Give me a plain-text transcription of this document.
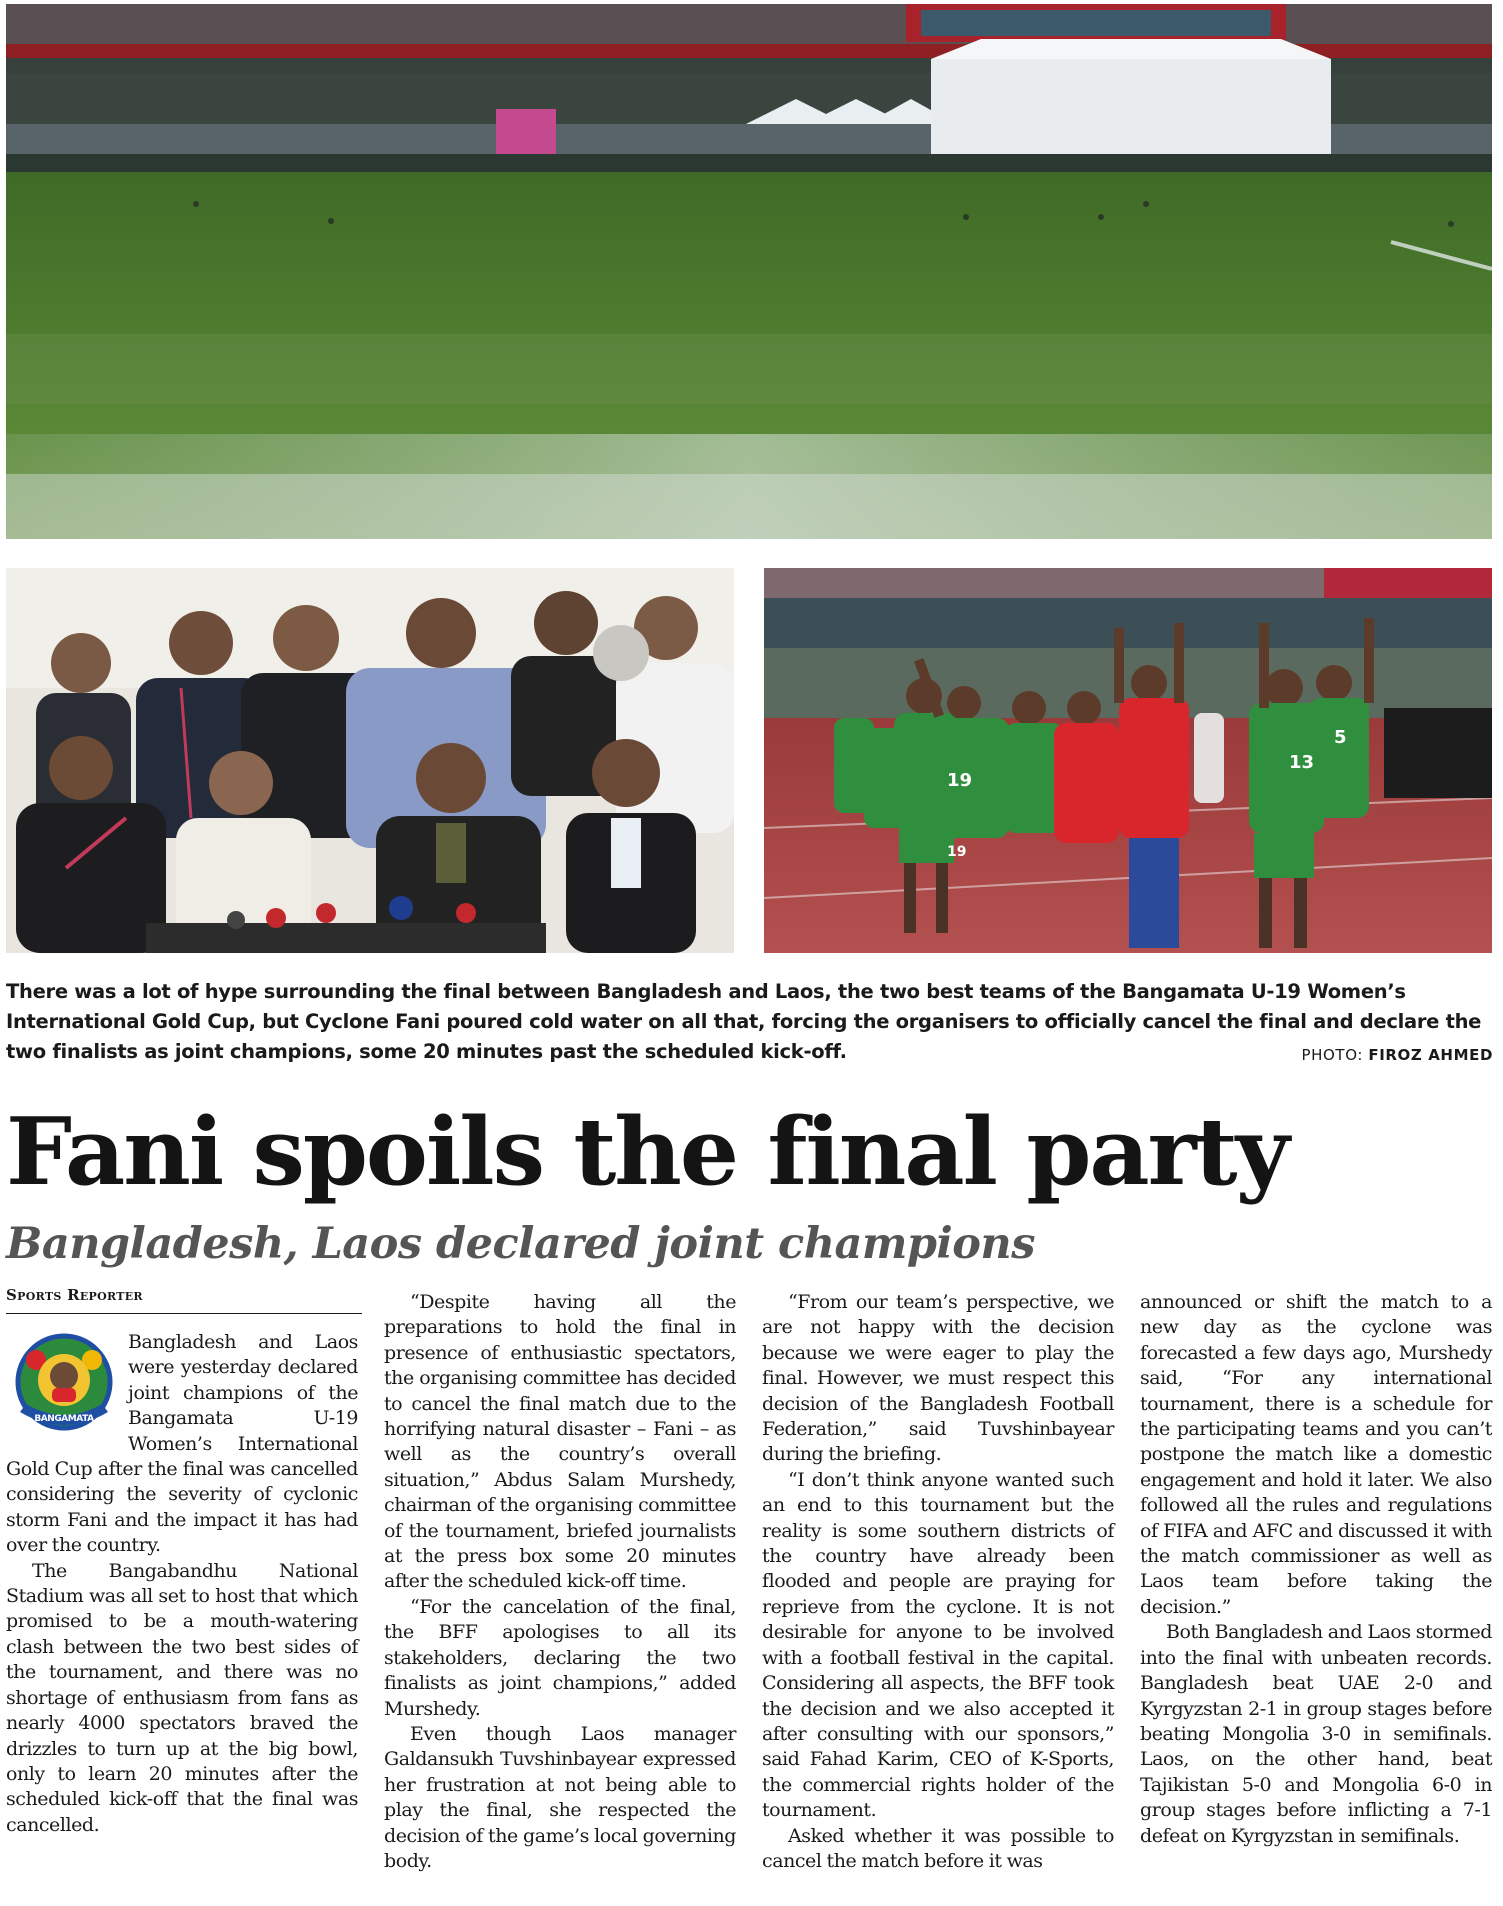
19
19
13
5
There was a lot of hype surrounding the final between Bangladesh and Laos, the two best teams of the Bangamata U-19 Women’s International Gold Cup, but Cyclone Fani poured cold water on all that, forcing the organisers to officially cancel the final and declare the two finalists as joint champions, some 20 minutes past the scheduled kick-off.	PHOTO: FIROZ AHMED
Fani spoils the final party
Bangladesh, Laos declared joint champions
Sports Reporter
BANGAMATA

Bangladesh and Laos were yesterday declared joint champions of the Bangamata U-19 Women’s International Gold Cup after the final was cancelled considering the severity of cyclonic storm Fani and the impact it has had over the country.

The Bangabandhu National Stadium was all set to host that which promised to be a mouth-watering clash between the two best sides of the tournament, and there was no shortage of enthusiasm from fans as nearly 4000 spectators braved the drizzles to turn up at the big bowl, only to learn 20 minutes after the scheduled kick-off that the final was cancelled.

“Despite having all the preparations to hold the final in presence of enthusiastic spectators, the organising committee has decided to cancel the final match due to the horrifying natural disaster – Fani – as well as the country’s overall situation,” Abdus Salam Murshedy, chairman of the organising committee of the tournament, briefed journalists at the press box some 20 minutes after the scheduled kick-off time.

“For the cancelation of the final, the BFF apologises to all its stakeholders, declaring the two finalists as joint champions,” added Murshedy.

Even though Laos manager Galdansukh Tuvshinbayear expressed her frustration at not being able to play the final, she respected the decision of the game’s local governing body.

“From our team’s perspective, we are not happy with the decision because we were eager to play the final. However, we must respect this decision of the Bangladesh Football Federation,” said Tuvshinbayear during the briefing.

“I don’t think anyone wanted such an end to this tournament but the reality is some southern districts of the country have already been flooded and people are praying for reprieve from the cyclone. It is not desirable for anyone to be involved with a football festival in the capital. Considering all aspects, the BFF took the decision and we also accepted it after consulting with our sponsors,” said Fahad Karim, CEO of K-Sports, the commercial rights holder of the tournament.

Asked whether it was possible to cancel the match before it was

announced or shift the match to a new day as the cyclone was forecasted a few days ago, Murshedy said, “For any international tournament, there is a schedule for the participating teams and you can’t postpone the match like a domestic engagement and hold it later. We also followed all the rules and regulations of FIFA and AFC and discussed it with the match commissioner as well as Laos team before taking the decision.”

Both Bangladesh and Laos stormed into the final with unbeaten records. Bangladesh beat UAE 2-0 and Kyrgyzstan 2-1 in group stages before beating Mongolia 3-0 in semifinals. Laos, on the other hand, beat Tajikistan 5-0 and Mongolia 6-0 in group stages before inflicting a 7-1 defeat on Kyrgyzstan in semifinals.
